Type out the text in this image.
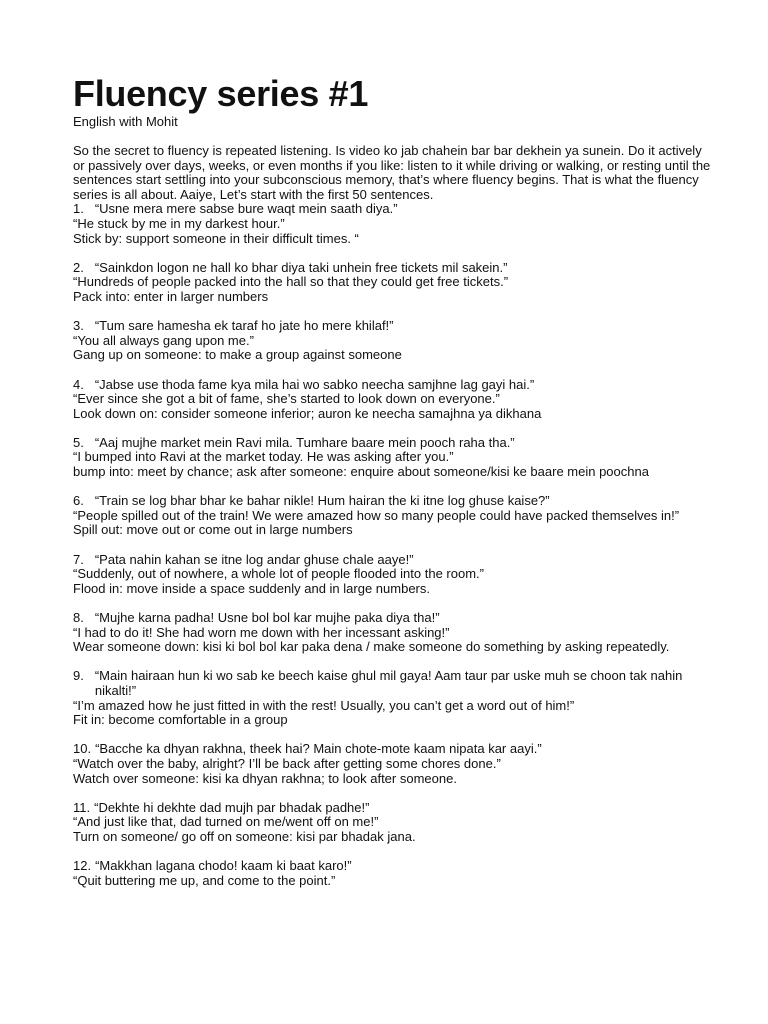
Fluency series #1
English with Mohit
So the secret to fluency is repeated listening. Is video ko jab chahein bar bar dekhein ya sunein. Do it actively or passively over days, weeks, or even months if you like: listen to it while driving or walking, or resting until the sentences start settling into your subconscious memory, that’s where fluency begins. That is what the fluency series is all about. Aaiye, Let’s start with the first 50 sentences.
1. “Usne mera mere sabse bure waqt mein saath diya.”
“He stuck by me in my darkest hour.”
Stick by: support someone in their difficult times. “
2. “Sainkdon logon ne hall ko bhar diya taki unhein free tickets mil sakein.”
“Hundreds of people packed into the hall so that they could get free tickets.”
Pack into: enter in larger numbers
3. “Tum sare hamesha ek taraf ho jate ho mere khilaf!”
“You all always gang upon me.”
Gang up on someone: to make a group against someone
4. “Jabse use thoda fame kya mila hai wo sabko neecha samjhne lag gayi hai.”
“Ever since she got a bit of fame, she’s started to look down on everyone.”
Look down on: consider someone inferior; auron ke neecha samajhna ya dikhana
5. “Aaj mujhe market mein Ravi mila. Tumhare baare mein pooch raha tha.”
“I bumped into Ravi at the market today. He was asking after you.”
bump into: meet by chance; ask after someone: enquire about someone/kisi ke baare mein poochna
6. “Train se log bhar bhar ke bahar nikle! Hum hairan the ki itne log ghuse kaise?”
“People spilled out of the train! We were amazed how so many people could have packed themselves in!”
Spill out: move out or come out in large numbers
7. “Pata nahin kahan se itne log andar ghuse chale aaye!”
“Suddenly, out of nowhere, a whole lot of people flooded into the room.”
Flood in: move inside a space suddenly and in large numbers.
8. “Mujhe karna padha! Usne bol bol kar mujhe paka diya tha!”
“I had to do it! She had worn me down with her incessant asking!”
Wear someone down: kisi ki bol bol kar paka dena / make someone do something by asking repeatedly.
9. “Main hairaan hun ki wo sab ke beech kaise ghul mil gaya! Aam taur par uske muh se choon tak nahin nikalti!”
“I’m amazed how he just fitted in with the rest! Usually, you can’t get a word out of him!”
Fit in: become comfortable in a group
10. “Bacche ka dhyan rakhna, theek hai? Main chote-mote kaam nipata kar aayi.”
“Watch over the baby, alright? I’ll be back after getting some chores done.”
Watch over someone: kisi ka dhyan rakhna; to look after someone.
11. “Dekhte hi dekhte dad mujh par bhadak padhe!”
“And just like that, dad turned on me/went off on me!”
Turn on someone/ go off on someone: kisi par bhadak jana.
12. “Makkhan lagana chodo! kaam ki baat karo!”
“Quit buttering me up, and come to the point.”
